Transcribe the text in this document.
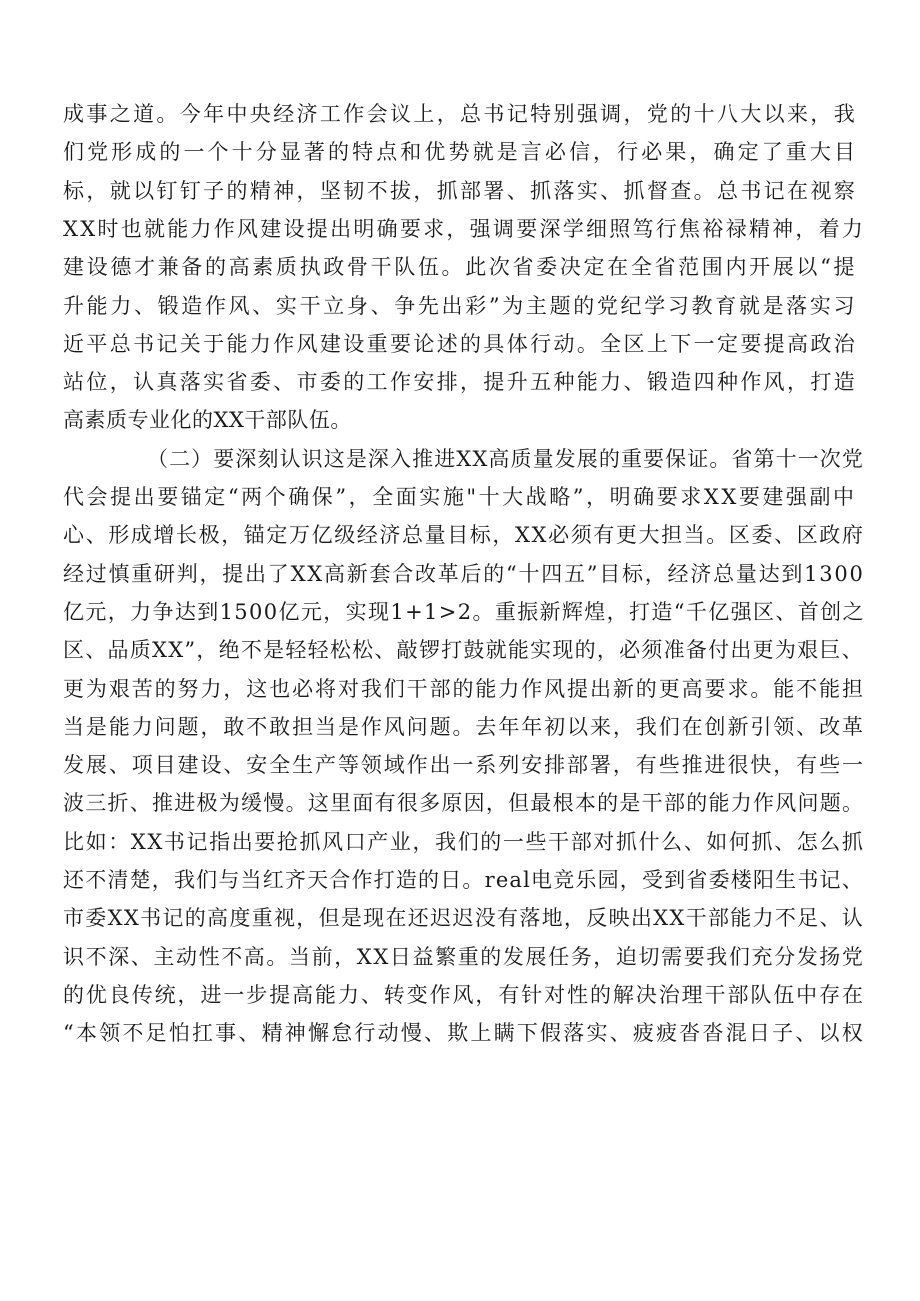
成事之道。今年中央经济工作会议上，总书记特别强调，党的十八大以来，我
们党形成的一个十分显著的特点和优势就是言必信，行必果，确定了重大目
标，就以钉钉子的精神，坚韧不拔，抓部署、抓落实、抓督查。总书记在视察
XX时也就能力作风建设提出明确要求，强调要深学细照笃行焦裕禄精神，着力
建设德才兼备的高素质执政骨干队伍。此次省委决定在全省范围内开展以“提
升能力、锻造作风、实干立身、争先出彩”为主题的党纪学习教育就是落实习
近平总书记关于能力作风建设重要论述的具体行动。全区上下一定要提高政治
站位，认真落实省委、市委的工作安排，提升五种能力、锻造四种作风，打造
高素质专业化的XX干部队伍。
（二）要深刻认识这是深入推进XX高质量发展的重要保证。省第十一次党
代会提出要锚定“两个确保”，全面实施"十大战略”，明确要求XX要建强副中
心、形成增长极，锚定万亿级经济总量目标，XX必须有更大担当。区委、区政府
经过慎重研判，提出了XX高新套合改革后的“十四五”目标，经济总量达到1300
亿元，力争达到1500亿元，实现1+1>2。重振新辉煌，打造“千亿强区、首创之
区、品质XX”，绝不是轻轻松松、敲锣打鼓就能实现的，必须准备付出更为艰巨、
更为艰苦的努力，这也必将对我们干部的能力作风提出新的更高要求。能不能担
当是能力问题，敢不敢担当是作风问题。去年年初以来，我们在创新引领、改革
发展、项目建设、安全生产等领域作出一系列安排部署，有些推进很快，有些一
波三折、推进极为缓慢。这里面有很多原因，但最根本的是干部的能力作风问题。
比如：XX书记指出要抢抓风口产业，我们的一些干部对抓什么、如何抓、怎么抓
还不清楚，我们与当红齐天合作打造的日。real电竞乐园，受到省委楼阳生书记、
市委XX书记的高度重视，但是现在还迟迟没有落地，反映出XX干部能力不足、认
识不深、主动性不高。当前，XX日益繁重的发展任务，迫切需要我们充分发扬党
的优良传统，进一步提高能力、转变作风，有针对性的解决治理干部队伍中存在
“本领不足怕扛事、精神懈怠行动慢、欺上瞒下假落实、疲疲沓沓混日子、以权
